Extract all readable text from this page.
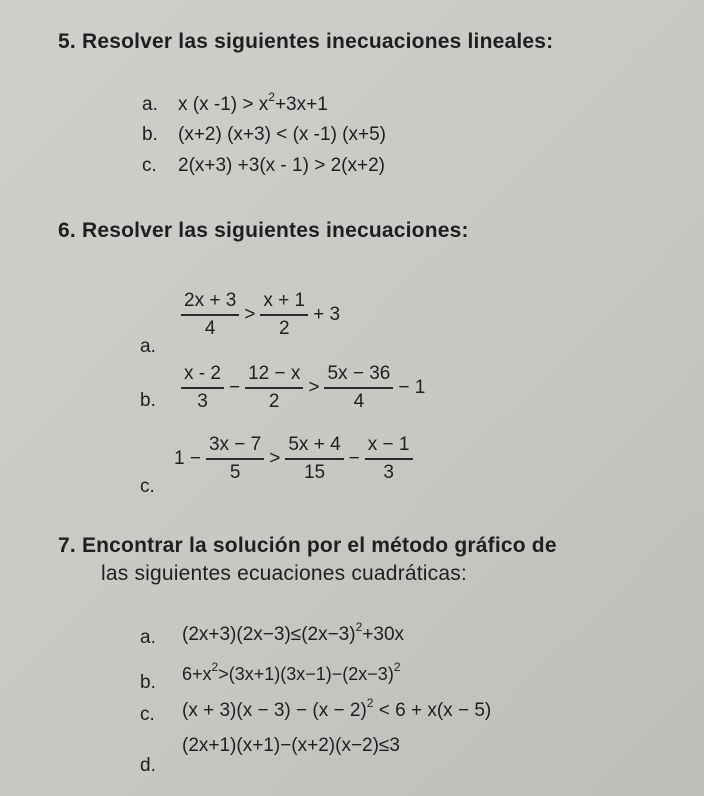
5. Resolver las siguientes inecuaciones lineales:
a. x (x $-1) > x^2+3x+1$
b. (x+2) (x+3) < (x -1) (x+5)
c. 2(x+3) +3(x - 1) > 2(x+2)
6. Resolver las siguientes inecuaciones:
a.
$\frac{2x + 3}{4} > \frac{x + 1}{2} + 3$
b. $\frac{x - 2}{3} - \frac{12 - x}{2} > \frac{5x - 36}{4} - 1$
c.
$1 - \frac{3x - 7}{5} > \frac{5x + 4}{15} - \frac{x - 1}{3}$
7. Encontrar la solución por el método gráfico de
las siguientes ecuaciones cuadráticas:
a. $(2x+3)(2x-3)\le(2x-3)^2+30x$
b. $6+x^2>(3x+1)(3x-1)-(2x-3)^2$
c. $(x + 3)(x - 3) - (x - 2)^2 < 6 + x(x - 5)$
d.
(2x+1)(x+1)−(x+2)(x−2)≤3
